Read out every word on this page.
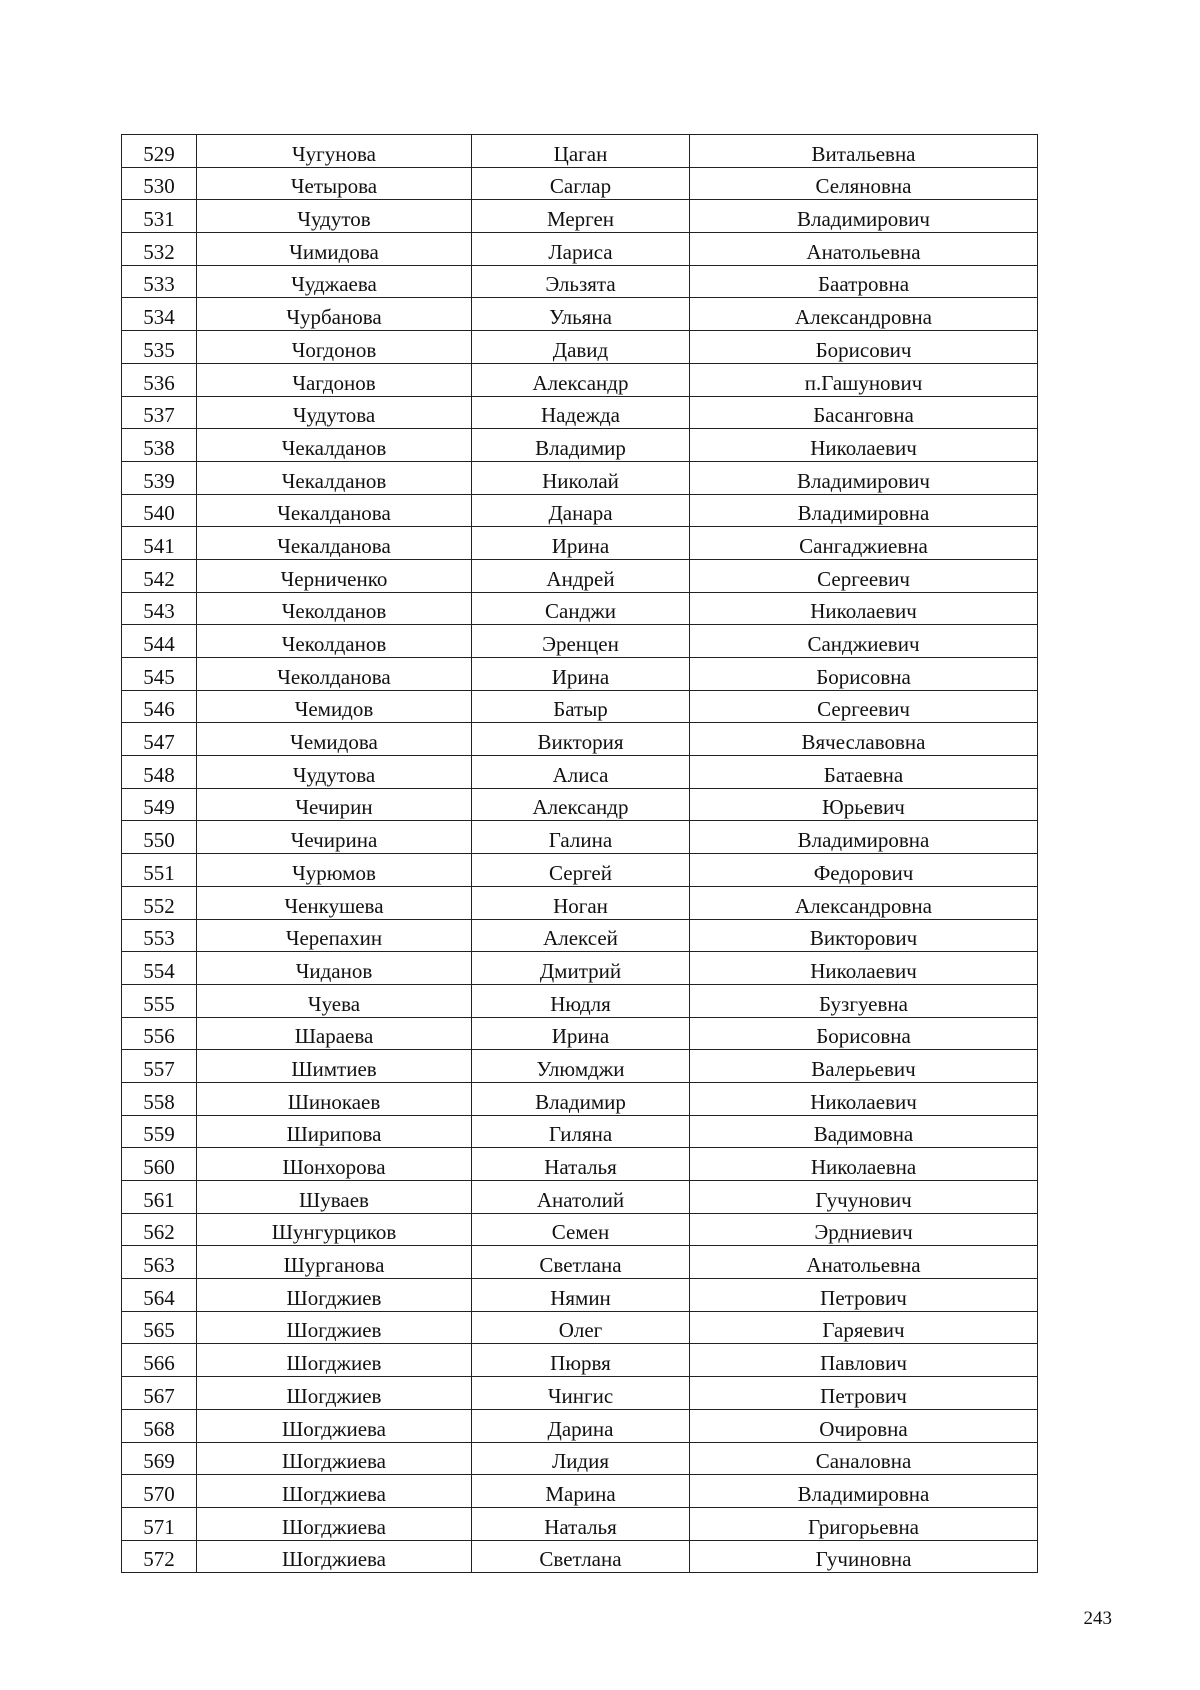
529	Чугунова	Цаган	Витальевна
530	Четырова	Саглар	Селяновна
531	Чудутов	Мерген	Владимирович
532	Чимидова	Лариса	Анатольевна
533	Чуджаева	Эльзята	Баатровна
534	Чурбанова	Ульяна	Александровна
535	Чогдонов	Давид	Борисович
536	Чагдонов	Александр	п.Гашунович
537	Чудутова	Надежда	Басанговна
538	Чекалданов	Владимир	Николаевич
539	Чекалданов	Николай	Владимирович
540	Чекалданова	Данара	Владимировна
541	Чекалданова	Ирина	Сангаджиевна
542	Черниченко	Андрей	Сергеевич
543	Чеколданов	Санджи	Николаевич
544	Чеколданов	Эренцен	Санджиевич
545	Чеколданова	Ирина	Борисовна
546	Чемидов	Батыр	Сергеевич
547	Чемидова	Виктория	Вячеславовна
548	Чудутова	Алиса	Батаевна
549	Чечирин	Александр	Юрьевич
550	Чечирина	Галина	Владимировна
551	Чурюмов	Сергей	Федорович
552	Ченкушева	Ноган	Александровна
553	Черепахин	Алексей	Викторович
554	Чиданов	Дмитрий	Николаевич
555	Чуева	Нюдля	Бузгуевна
556	Шараева	Ирина	Борисовна
557	Шимтиев	Улюмджи	Валерьевич
558	Шинокаев	Владимир	Николаевич
559	Ширипова	Гиляна	Вадимовна
560	Шонхорова	Наталья	Николаевна
561	Шуваев	Анатолий	Гучунович
562	Шунгурциков	Семен	Эрдниевич
563	Шурганова	Светлана	Анатольевна
564	Шогджиев	Нямин	Петрович
565	Шогджиев	Олег	Гаряевич
566	Шогджиев	Пюрвя	Павлович
567	Шогджиев	Чингис	Петрович
568	Шогджиева	Дарина	Очировна
569	Шогджиева	Лидия	Саналовна
570	Шогджиева	Марина	Владимировна
571	Шогджиева	Наталья	Григорьевна
572	Шогджиева	Светлана	Гучиновна
243
